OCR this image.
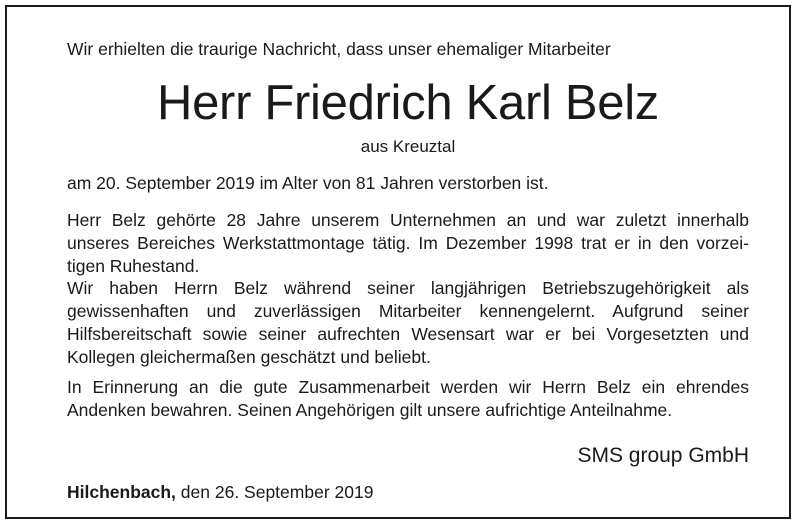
Wir erhielten die traurige Nachricht, dass unser ehemaliger Mitarbeiter
Herr Friedrich Karl Belz
aus Kreuztal
am 20. September 2019 im Alter von 81 Jahren verstorben ist.
Herr Belz gehörte 28 Jahre unserem Unternehmen an und war zuletzt innerhalb
unseres Bereiches Werkstattmontage tätig. Im Dezember 1998 trat er in den vorzei-
tigen Ruhestand.
Wir haben Herrn Belz während seiner langjährigen Betriebszugehörigkeit als
gewissenhaften und zuverlässigen Mitarbeiter kennengelernt. Aufgrund seiner
Hilfsbereitschaft sowie seiner aufrechten Wesensart war er bei Vorgesetzten und
Kollegen gleichermaßen geschätzt und beliebt.
In Erinnerung an die gute Zusammenarbeit werden wir Herrn Belz ein ehrendes
Andenken bewahren. Seinen Angehörigen gilt unsere aufrichtige Anteilnahme.
SMS group GmbH
Hilchenbach, den 26. September 2019
